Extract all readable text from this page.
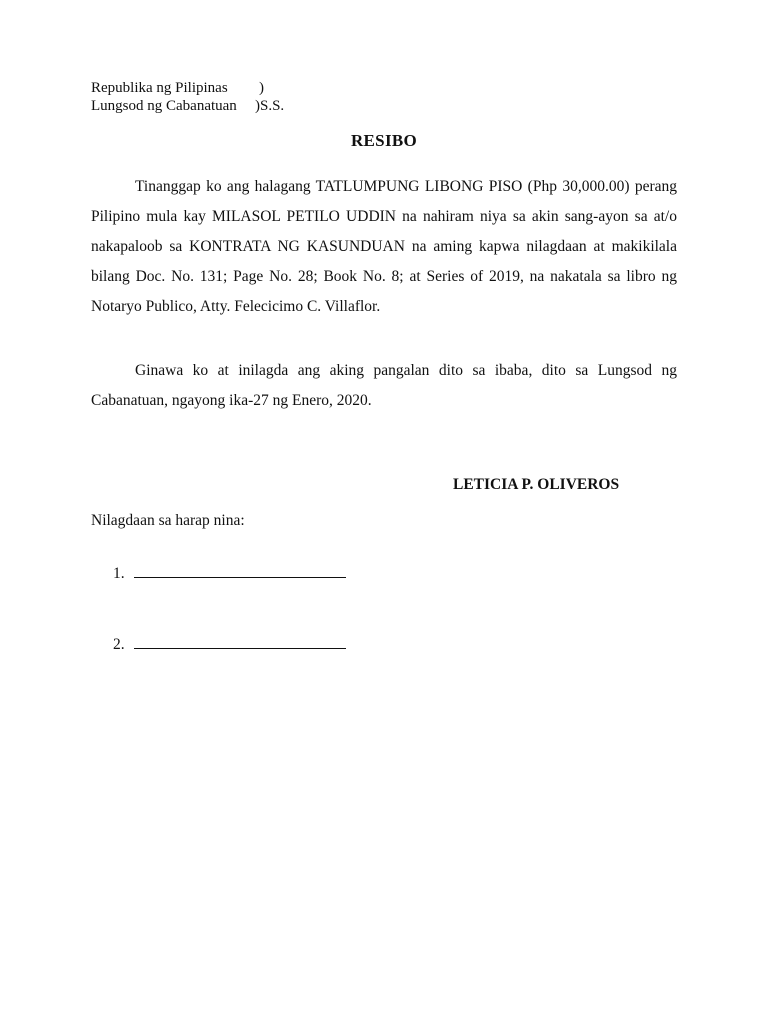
Republika ng Pilipinas )
Lungsod ng Cabanatuan )S.S.
RESIBO

Tinanggap ko ang halagang TATLUMPUNG LIBONG PISO (Php 30,000.00) perang Pilipino mula kay MILASOL PETILO UDDIN na nahiram niya sa akin sang-ayon sa at/o nakapaloob sa KONTRATA NG KASUNDUAN na aming kapwa nilagdaan at makikilala bilang Doc. No. 131; Page No. 28; Book No. 8; at Series of 2019, na nakatala sa libro ng Notaryo Publico, Atty. Felecicimo C. Villaflor.

Ginawa ko at inilagda ang aking pangalan dito sa ibaba, dito sa Lungsod ng Cabanatuan, ngayong ika-27 ng Enero, 2020.

LETICIA P. OLIVEROS
Nilagdaan sa harap nina:
1.
2.
